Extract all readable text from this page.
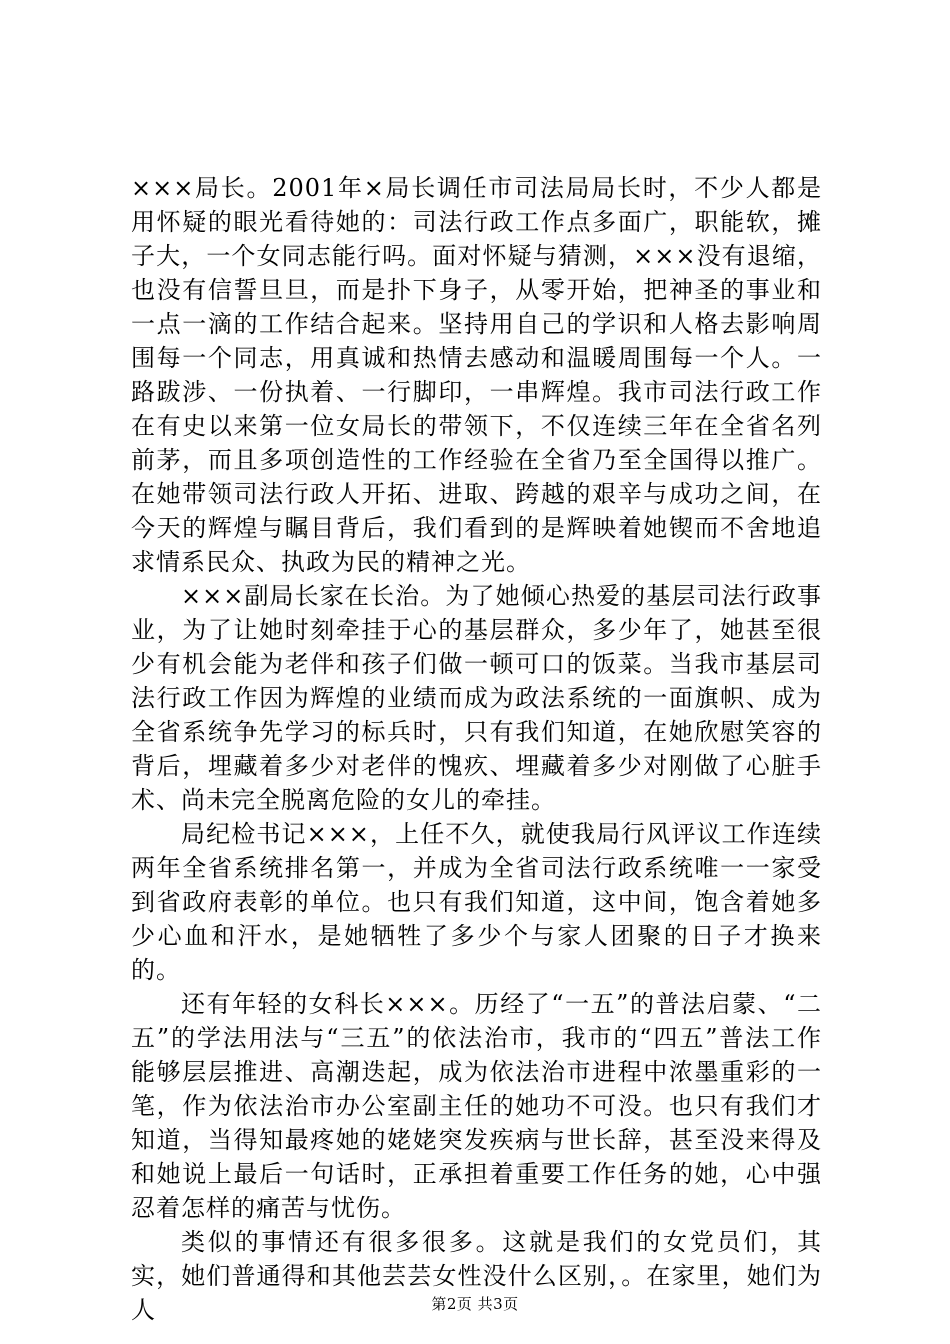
×××局长。2001年×局长调任市司法局局长时，不少人都是用怀疑的眼光看待她的：司法行政工作点多面广，职能软，摊子大，一个女同志能行吗。面对怀疑与猜测，×××没有退缩，也没有信誓旦旦，而是扑下身子，从零开始，把神圣的事业和一点一滴的工作结合起来。坚持用自己的学识和人格去影响周围每一个同志，用真诚和热情去感动和温暖周围每一个人。一路跋涉、一份执着、一行脚印，一串辉煌。我市司法行政工作在有史以来第一位女局长的带领下，不仅连续三年在全省名列前茅，而且多项创造性的工作经验在全省乃至全国得以推广。在她带领司法行政人开拓、进取、跨越的艰辛与成功之间，在今天的辉煌与瞩目背后，我们看到的是辉映着她锲而不舍地追求情系民众、执政为民的精神之光。

×××副局长家在长治。为了她倾心热爱的基层司法行政事业，为了让她时刻牵挂于心的基层群众，多少年了，她甚至很少有机会能为老伴和孩子们做一顿可口的饭菜。当我市基层司法行政工作因为辉煌的业绩而成为政法系统的一面旗帜、成为全省系统争先学习的标兵时，只有我们知道，在她欣慰笑容的背后，埋藏着多少对老伴的愧疚、埋藏着多少对刚做了心脏手术、尚未完全脱离危险的女儿的牵挂。

局纪检书记×××，上任不久，就使我局行风评议工作连续两年全省系统排名第一，并成为全省司法行政系统唯一一家受到省政府表彰的单位。也只有我们知道，这中间，饱含着她多少心血和汗水，是她牺牲了多少个与家人团聚的日子才换来的。

还有年轻的女科长×××。历经了“一五”的普法启蒙、“二五”的学法用法与“三五”的依法治市，我市的“四五”普法工作能够层层推进、高潮迭起，成为依法治市进程中浓墨重彩的一笔，作为依法治市办公室副主任的她功不可没。也只有我们才知道，当得知最疼她的姥姥突发疾病与世长辞，甚至没来得及和她说上最后一句话时，正承担着重要工作任务的她，心中强忍着怎样的痛苦与忧伤。

类似的事情还有很多很多。这就是我们的女党员们，其实，她们普通得和其他芸芸女性没什么区别，。在家里，她们为人	第2页 共3页
